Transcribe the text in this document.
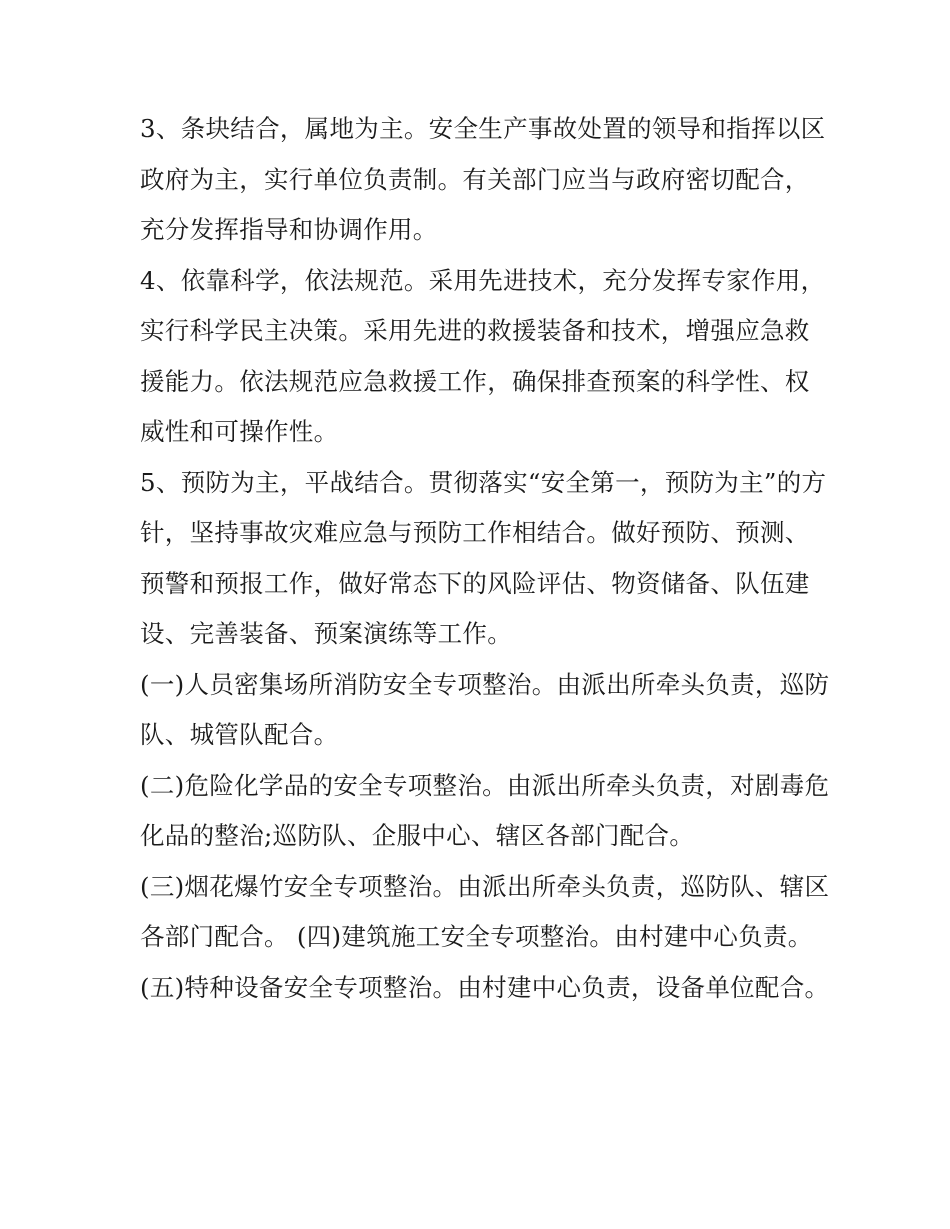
3、条块结合，属地为主。安全生产事故处置的领导和指挥以区政府为主，实行单位负责制。有关部门应当与政府密切配合，充分发挥指导和协调作用。

4、依靠科学，依法规范。采用先进技术，充分发挥专家作用，实行科学民主决策。采用先进的救援装备和技术，增强应急救援能力。依法规范应急救援工作，确保排查预案的科学性、权威性和可操作性。

5、预防为主，平战结合。贯彻落实“安全第一，预防为主”的方针，坚持事故灾难应急与预防工作相结合。做好预防、预测、预警和预报工作，做好常态下的风险评估、物资储备、队伍建设、完善装备、预案演练等工作。

(一)人员密集场所消防安全专项整治。由派出所牵头负责，巡防队、城管队配合。

(二)危险化学品的安全专项整治。由派出所牵头负责，对剧毒危化品的整治;巡防队、企服中心、辖区各部门配合。

(三)烟花爆竹安全专项整治。由派出所牵头负责，巡防队、辖区各部门配合。 (四)建筑施工安全专项整治。由村建中心负责。

(五)特种设备安全专项整治。由村建中心负责，设备单位配合。
